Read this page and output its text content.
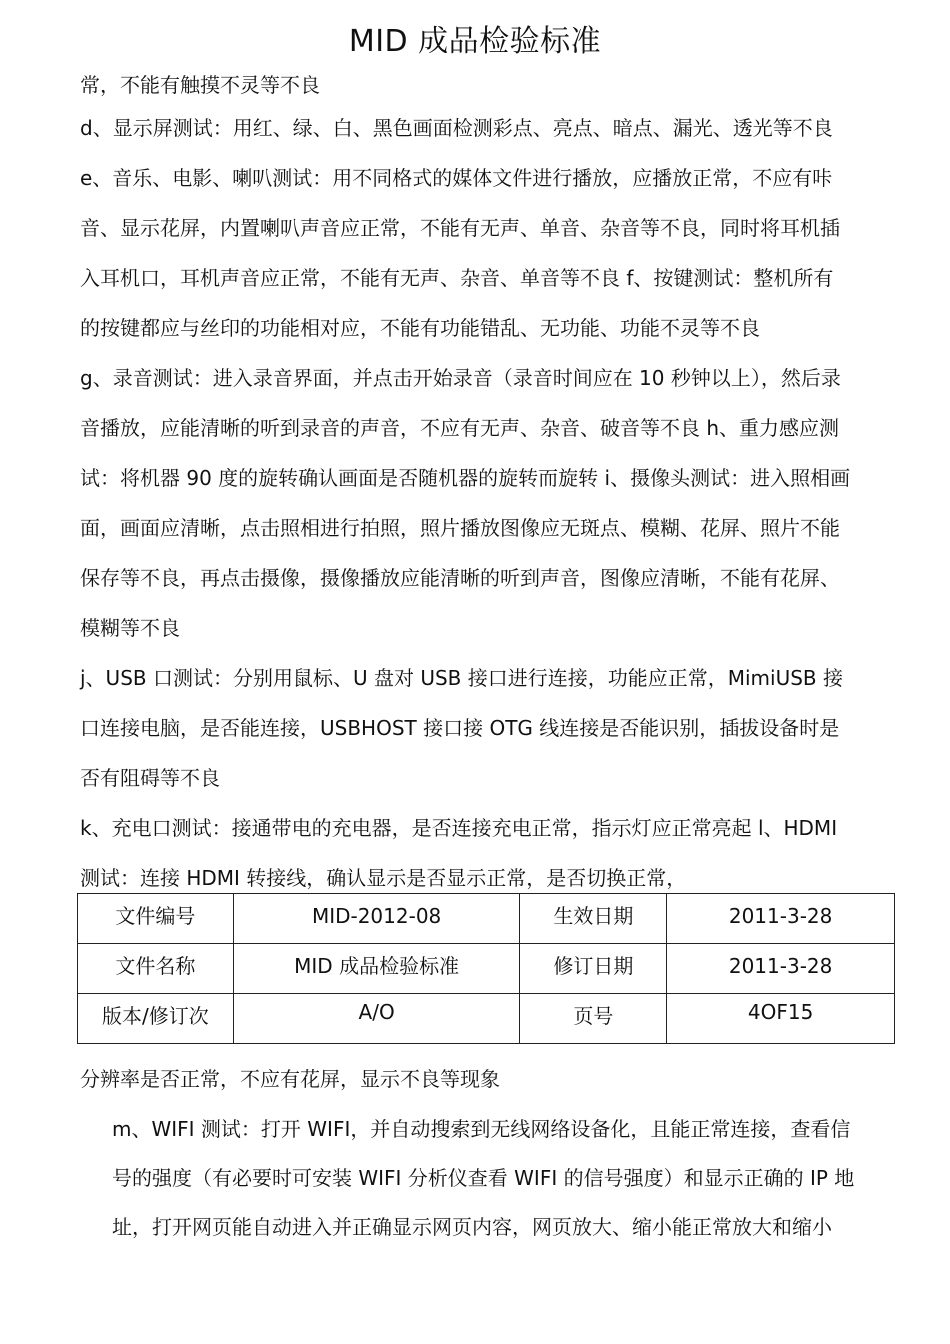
MID 成品检验标准
常，不能有触摸不灵等不良
d、显示屏测试：用红、绿、白、黑色画面检测彩点、亮点、暗点、漏光、透光等不良
e、音乐、电影、喇叭测试：用不同格式的媒体文件进行播放，应播放正常，不应有咔
音、显示花屏，内置喇叭声音应正常，不能有无声、单音、杂音等不良，同时将耳机插
入耳机口，耳机声音应正常，不能有无声、杂音、单音等不良 f、按键测试：整机所有
的按键都应与丝印的功能相对应，不能有功能错乱、无功能、功能不灵等不良
g、录音测试：进入录音界面，并点击开始录音（录音时间应在 10 秒钟以上），然后录
音播放，应能清晰的听到录音的声音，不应有无声、杂音、破音等不良 h、重力感应测
试：将机器 90 度的旋转确认画面是否随机器的旋转而旋转 i、摄像头测试：进入照相画
面，画面应清晰，点击照相进行拍照，照片播放图像应无斑点、模糊、花屏、照片不能
保存等不良，再点击摄像，摄像播放应能清晰的听到声音，图像应清晰，不能有花屏、
模糊等不良
j、USB 口测试：分别用鼠标、U 盘对 USB 接口进行连接，功能应正常，MimiUSB 接
口连接电脑，是否能连接，USBHOST 接口接 OTG 线连接是否能识别，插拔设备时是
否有阻碍等不良
k、充电口测试：接通带电的充电器，是否连接充电正常，指示灯应正常亮起 l、HDMI
测试：连接 HDMI 转接线，确认显示是否显示正常，是否切换正常，
文件编号	MID-2012-08	生效日期	2011-3-28

文件名称	MID 成品检验标准	修订日期	2011-3-28

版本/修订次	A/O	页号	4OF15
分辨率是否正常，不应有花屏，显示不良等现象
m、WIFI 测试：打开 WIFI，并自动搜索到无线网络设备化，且能正常连接，查看信
号的强度（有必要时可安装 WIFI 分析仪查看 WIFI 的信号强度）和显示正确的 IP 地
址，打开网页能自动进入并正确显示网页内容，网页放大、缩小能正常放大和缩小
